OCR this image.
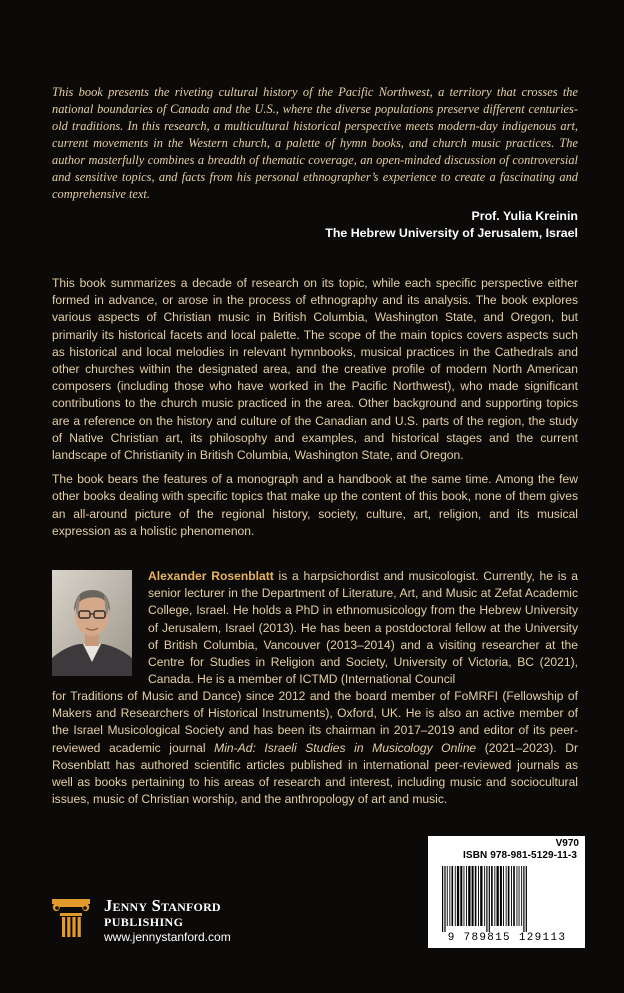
This book presents the riveting cultural history of the Pacific Northwest, a territory that crosses the national boundaries of Canada and the U.S., where the diverse populations preserve different centuries-old traditions. In this research, a multicultural historical perspective meets modern-day indigenous art, current movements in the Western church, a palette of hymn books, and church music practices. The author masterfully combines a breadth of thematic coverage, an open-minded discussion of controversial and sensitive topics, and facts from his personal ethnographer’s experience to create a fascinating and comprehensive text.
Prof. Yulia Kreinin
The Hebrew University of Jerusalem, Israel

This book summarizes a decade of research on its topic, while each specific perspective either formed in advance, or arose in the process of ethnography and its analysis. The book explores various aspects of Christian music in British Columbia, Washington State, and Oregon, but primarily its historical facets and local palette. The scope of the main topics covers aspects such as historical and local melodies in relevant hymnbooks, musical practices in the Cathedrals and other churches within the designated area, and the creative profile of modern North American composers (including those who have worked in the Pacific Northwest), who made significant contributions to the church music practiced in the area. Other background and supporting topics are a reference on the history and culture of the Canadian and U.S. parts of the region, the study of Native Christian art, its philosophy and examples, and historical stages and the current landscape of Christianity in British Columbia, Washington State, and Oregon.

The book bears the features of a monograph and a handbook at the same time. Among the few other books dealing with specific topics that make up the content of this book, none of them gives an all-around picture of the regional history, society, culture, art, religion, and its musical expression as a holistic phenomenon.

Alexander Rosenblatt is a harpsichordist and musicologist. Currently, he is a senior lecturer in the Department of Literature, Art, and Music at Zefat Academic College, Israel. He holds a PhD in ethnomusicology from the Hebrew University of Jerusalem, Israel (2013). He has been a postdoctoral fellow at the University of British Columbia, Vancouver (2013–2014) and a visiting researcher at the Centre for Studies in Religion and Society, University of Victoria, BC (2021), Canada. He is a member of ICTMD (International Council
for Traditions of Music and Dance) since 2012 and the board member of FoMRFI (Fellowship of Makers and Researchers of Historical Instruments), Oxford, UK. He is also an active member of the Israel Musicological Society and has been its chairman in 2017–2019 and editor of its peer-reviewed academic journal Min-Ad: Israeli Studies in Musicology Online (2021–2023). Dr Rosenblatt has authored scientific articles published in international peer-reviewed journals as well as books pertaining to his areas of research and interest, including music and sociocultural issues, music of Christian worship, and the anthropology of art and music.
V970
ISBN 978-981-5129-11-3
9 789815 129113
Jenny Stanford
PUBLISHING
www.jennystanford.com
